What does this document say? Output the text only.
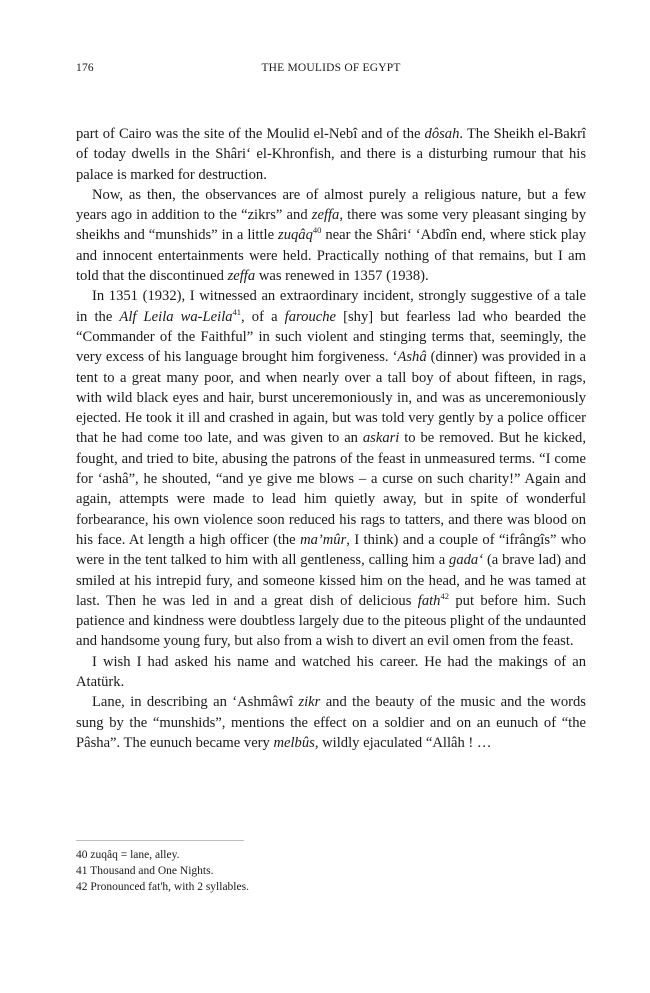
176	THE MOULIDS OF EGYPT

part of Cairo was the site of the Moulid el-Nebî and of the dôsah. The Sheikh el-Bakrî of today dwells in the Shâri‘ el-Khronfish, and there is a disturbing rumour that his palace is marked for destruction.

Now, as then, the observances are of almost purely a religious nature, but a few years ago in addition to the “zikrs” and zeffa, there was some very pleasant singing by sheikhs and “munshids” in a little zuqâq$^{40}$ near the Shâri‘ ‘Abdîn end, where stick play and innocent entertainments were held. Practically nothing of that remains, but I am told that the discontinued zeffa was renewed in 1357 (1938).

In 1351 (1932), I witnessed an extraordinary incident, strongly suggestive of a tale in the Alf Leila wa-Leila$^{41}$, of a farouche [shy] but fearless lad who bearded the “Commander of the Faithful” in such violent and stinging terms that, seemingly, the very excess of his language brought him forgiveness. ‘Ashâ (dinner) was provided in a tent to a great many poor, and when nearly over a tall boy of about fifteen, in rags, with wild black eyes and hair, burst unceremoniously in, and was as unceremoniously ejected. He took it ill and crashed in again, but was told very gently by a police officer that he had come too late, and was given to an askari to be removed. But he kicked, fought, and tried to bite, abusing the patrons of the feast in unmeasured terms. “I come for ‘ashâ”, he shouted, “and ye give me blows – a curse on such charity!” Again and again, attempts were made to lead him quietly away, but in spite of wonderful forbearance, his own violence soon reduced his rags to tatters, and there was blood on his face. At length a high officer (the ma’mûr, I think) and a couple of “ifrângîs” who were in the tent talked to him with all gentleness, calling him a gada‘ (a brave lad) and smiled at his intrepid fury, and someone kissed him on the head, and he was tamed at last. Then he was led in and a great dish of delicious fath$^{42}$ put before him. Such patience and kindness were doubtless largely due to the piteous plight of the undaunted and handsome young fury, but also from a wish to divert an evil omen from the feast.

I wish I had asked his name and watched his career. He had the makings of an Atatürk.

Lane, in describing an ‘Ashmâwî zikr and the beauty of the music and the words sung by the “munshids”, mentions the effect on a soldier and on an eunuch of “the Pâsha”. The eunuch became very melbûs, wildly ejaculated “Allâh ! …

40 zuqâq = lane, alley.
41 Thousand and One Nights.
42 Pronounced fat'h, with 2 syllables.
